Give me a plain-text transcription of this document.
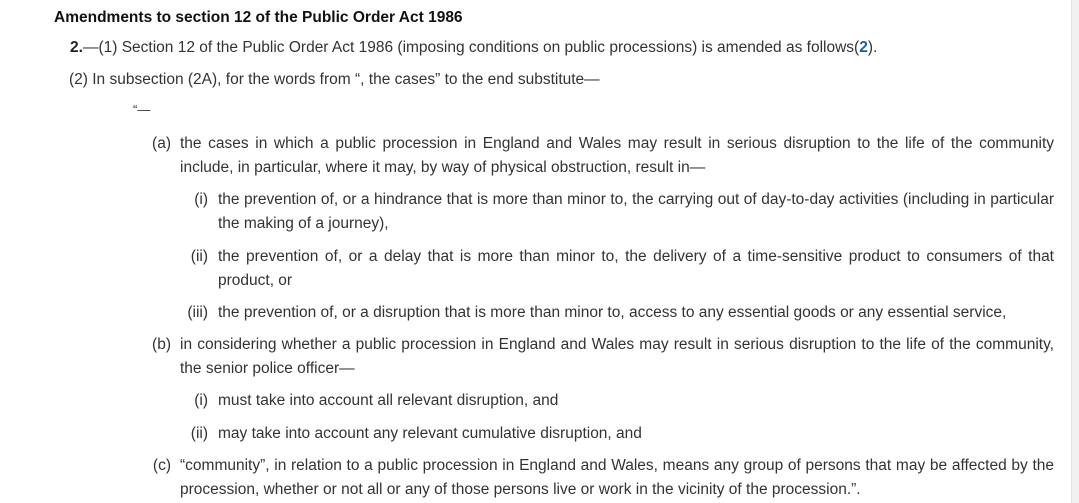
Amendments to section 12 of the Public Order Act 1986
2.—(1) Section 12 of the Public Order Act 1986 (imposing conditions on public processions) is amended as follows(2).
(2) In subsection (2A), for the words from “, the cases” to the end substitute—
“—
(a) the cases in which a public procession in England and Wales may result in serious disruption to the life of the community include, in particular, where it may, by way of physical obstruction, result in—
(i) the prevention of, or a hindrance that is more than minor to, the carrying out of day-to-day activities (including in particular the making of a journey),
(ii) the prevention of, or a delay that is more than minor to, the delivery of a time-sensitive product to consumers of that product, or
(iii) the prevention of, or a disruption that is more than minor to, access to any essential goods or any essential service,
(b) in considering whether a public procession in England and Wales may result in serious disruption to the life of the community, the senior police officer—
(i) must take into account all relevant disruption, and
(ii) may take into account any relevant cumulative disruption, and
(c) “community”, in relation to a public procession in England and Wales, means any group of persons that may be affected by the procession, whether or not all or any of those persons live or work in the vicinity of the procession.”.
